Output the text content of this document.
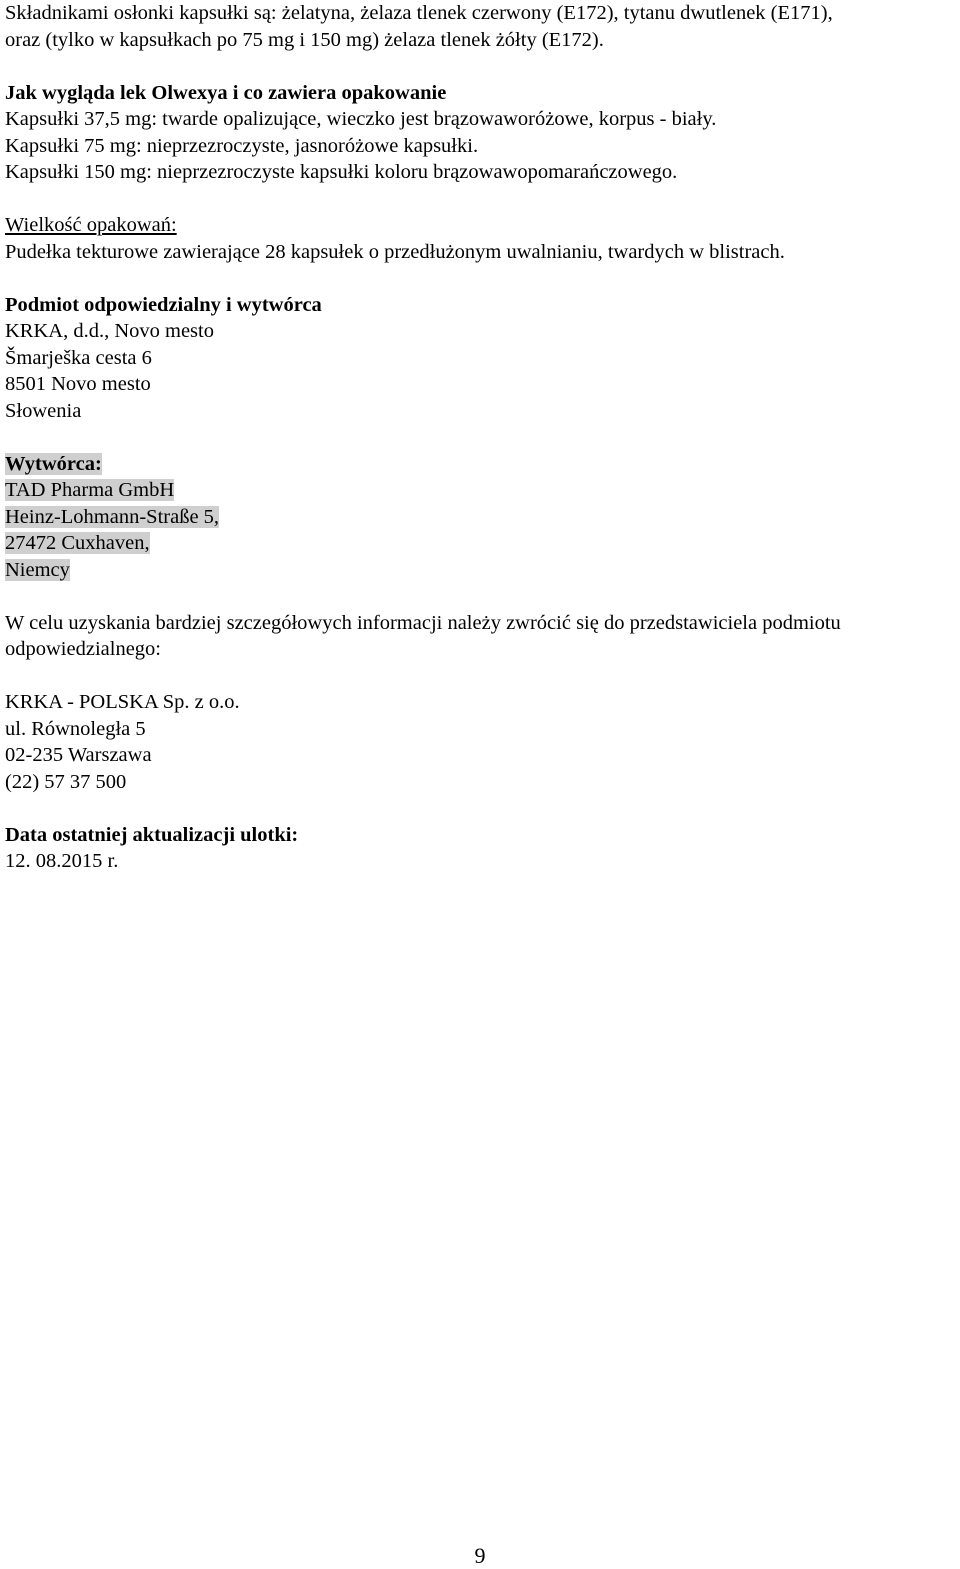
Składnikami osłonki kapsułki są: żelatyna, żelaza tlenek czerwony (E172), tytanu dwutlenek (E171),

oraz (tylko w kapsułkach po 75 mg i 150 mg) żelaza tlenek żółty (E172).

Jak wygląda lek Olwexya i co zawiera opakowanie

Kapsułki 37,5 mg: twarde opalizujące, wieczko jest brązowaworóżowe, korpus - biały.

Kapsułki 75 mg: nieprzezroczyste, jasnoróżowe kapsułki.

Kapsułki 150 mg: nieprzezroczyste kapsułki koloru brązowawopomarańczowego.

Wielkość opakowań:

Pudełka tekturowe zawierające 28 kapsułek o przedłużonym uwalnianiu, twardych w blistrach.

Podmiot odpowiedzialny i wytwórca

KRKA, d.d., Novo mesto

Šmarješka cesta 6

8501 Novo mesto

Słowenia

Wytwórca:

TAD Pharma GmbH

Heinz-Lohmann-Straße 5,

27472 Cuxhaven,

Niemcy

W celu uzyskania bardziej szczegółowych informacji należy zwrócić się do przedstawiciela podmiotu

odpowiedzialnego:

KRKA - POLSKA Sp. z o.o.

ul. Równoległa 5

02-235 Warszawa

(22) 57 37 500

Data ostatniej aktualizacji ulotki:

12. 08.2015 r.

9
